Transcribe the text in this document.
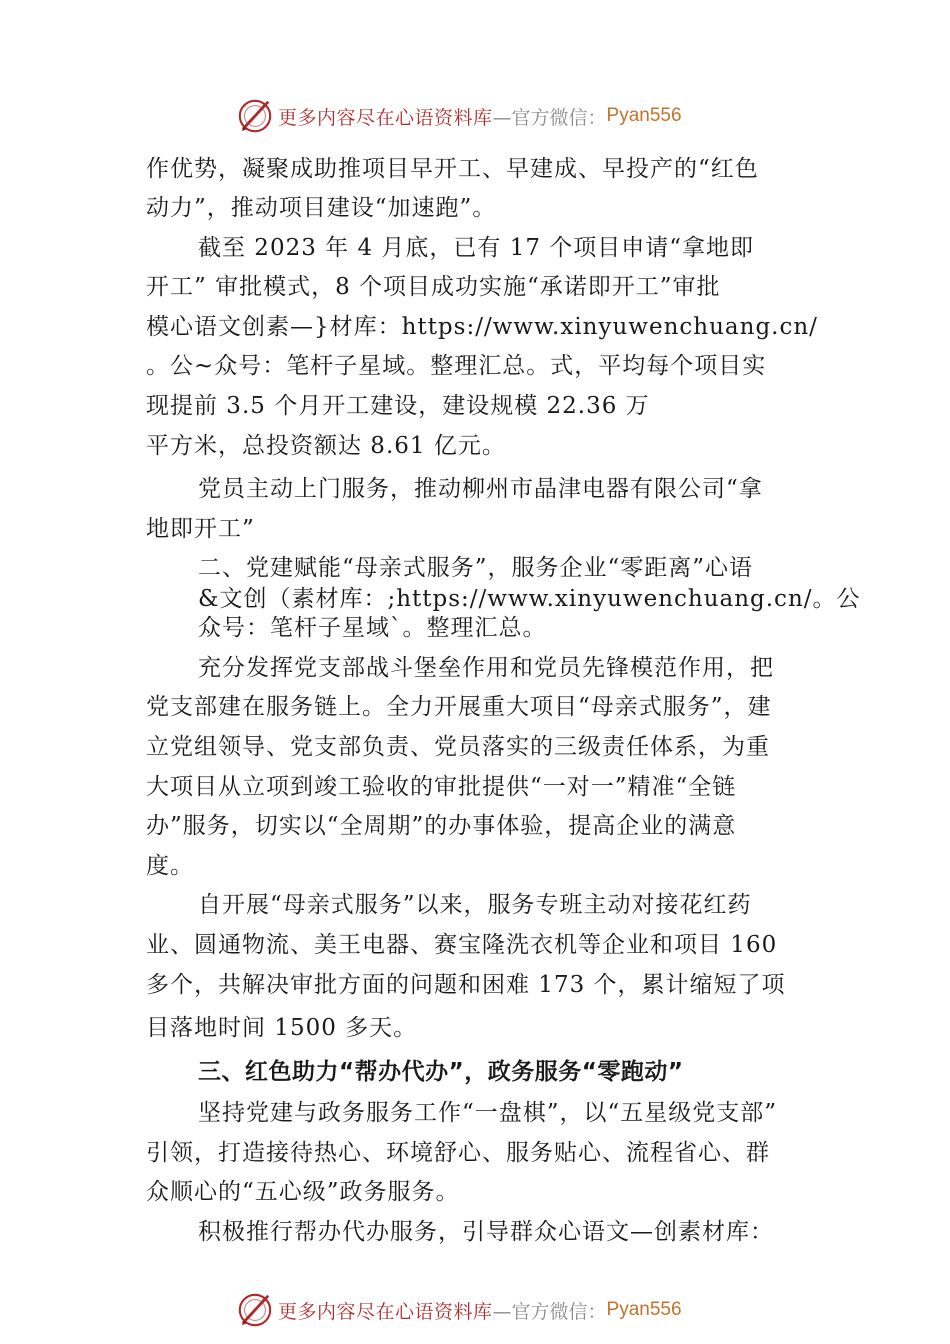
更多内容尽在心语资料库 —官方微信： Pyan556
作优势，凝聚成助推项目早开工、早建成、早投产的“红色
动力”，推动项目建设“加速跑”。
截至 2023 年 4 月底，已有 17 个项目申请“拿地即
开工” 审批模式，8 个项目成功实施“承诺即开工”审批
模心语文创素—}材库：https://www.xinyuwenchuang.cn/
。公~众号：笔杆子星域。整理汇总。式，平均每个项目实
现提前 3.5 个月开工建设，建设规模 22.36 万
平方米，总投资额达 8.61 亿元。
党员主动上门服务，推动柳州市晶津电器有限公司“拿
地即开工”
二、党建赋能“母亲式服务”，服务企业“零距离”心语
&文创（素材库：;https://www.xinyuwenchuang.cn/。公
众号：笔杆子星域`。整理汇总。
充分发挥党支部战斗堡垒作用和党员先锋模范作用，把
党支部建在服务链上。全力开展重大项目“母亲式服务”，建
立党组领导、党支部负责、党员落实的三级责任体系，为重
大项目从立项到竣工验收的审批提供“一对一”精准“全链
办”服务，切实以“全周期”的办事体验，提高企业的满意
度。
自开展“母亲式服务”以来，服务专班主动对接花红药
业、圆通物流、美王电器、赛宝隆洗衣机等企业和项目 160
多个，共解决审批方面的问题和困难 173 个，累计缩短了项
目落地时间 1500 多天。
三、红色助力“帮办代办”，政务服务“零跑动”
坚持党建与政务服务工作“一盘棋”，以“五星级党支部”
引领，打造接待热心、环境舒心、服务贴心、流程省心、群
众顺心的“五心级”政务服务。
积极推行帮办代办服务，引导群众心语文—创素材库：
更多内容尽在心语资料库 —官方微信： Pyan556
